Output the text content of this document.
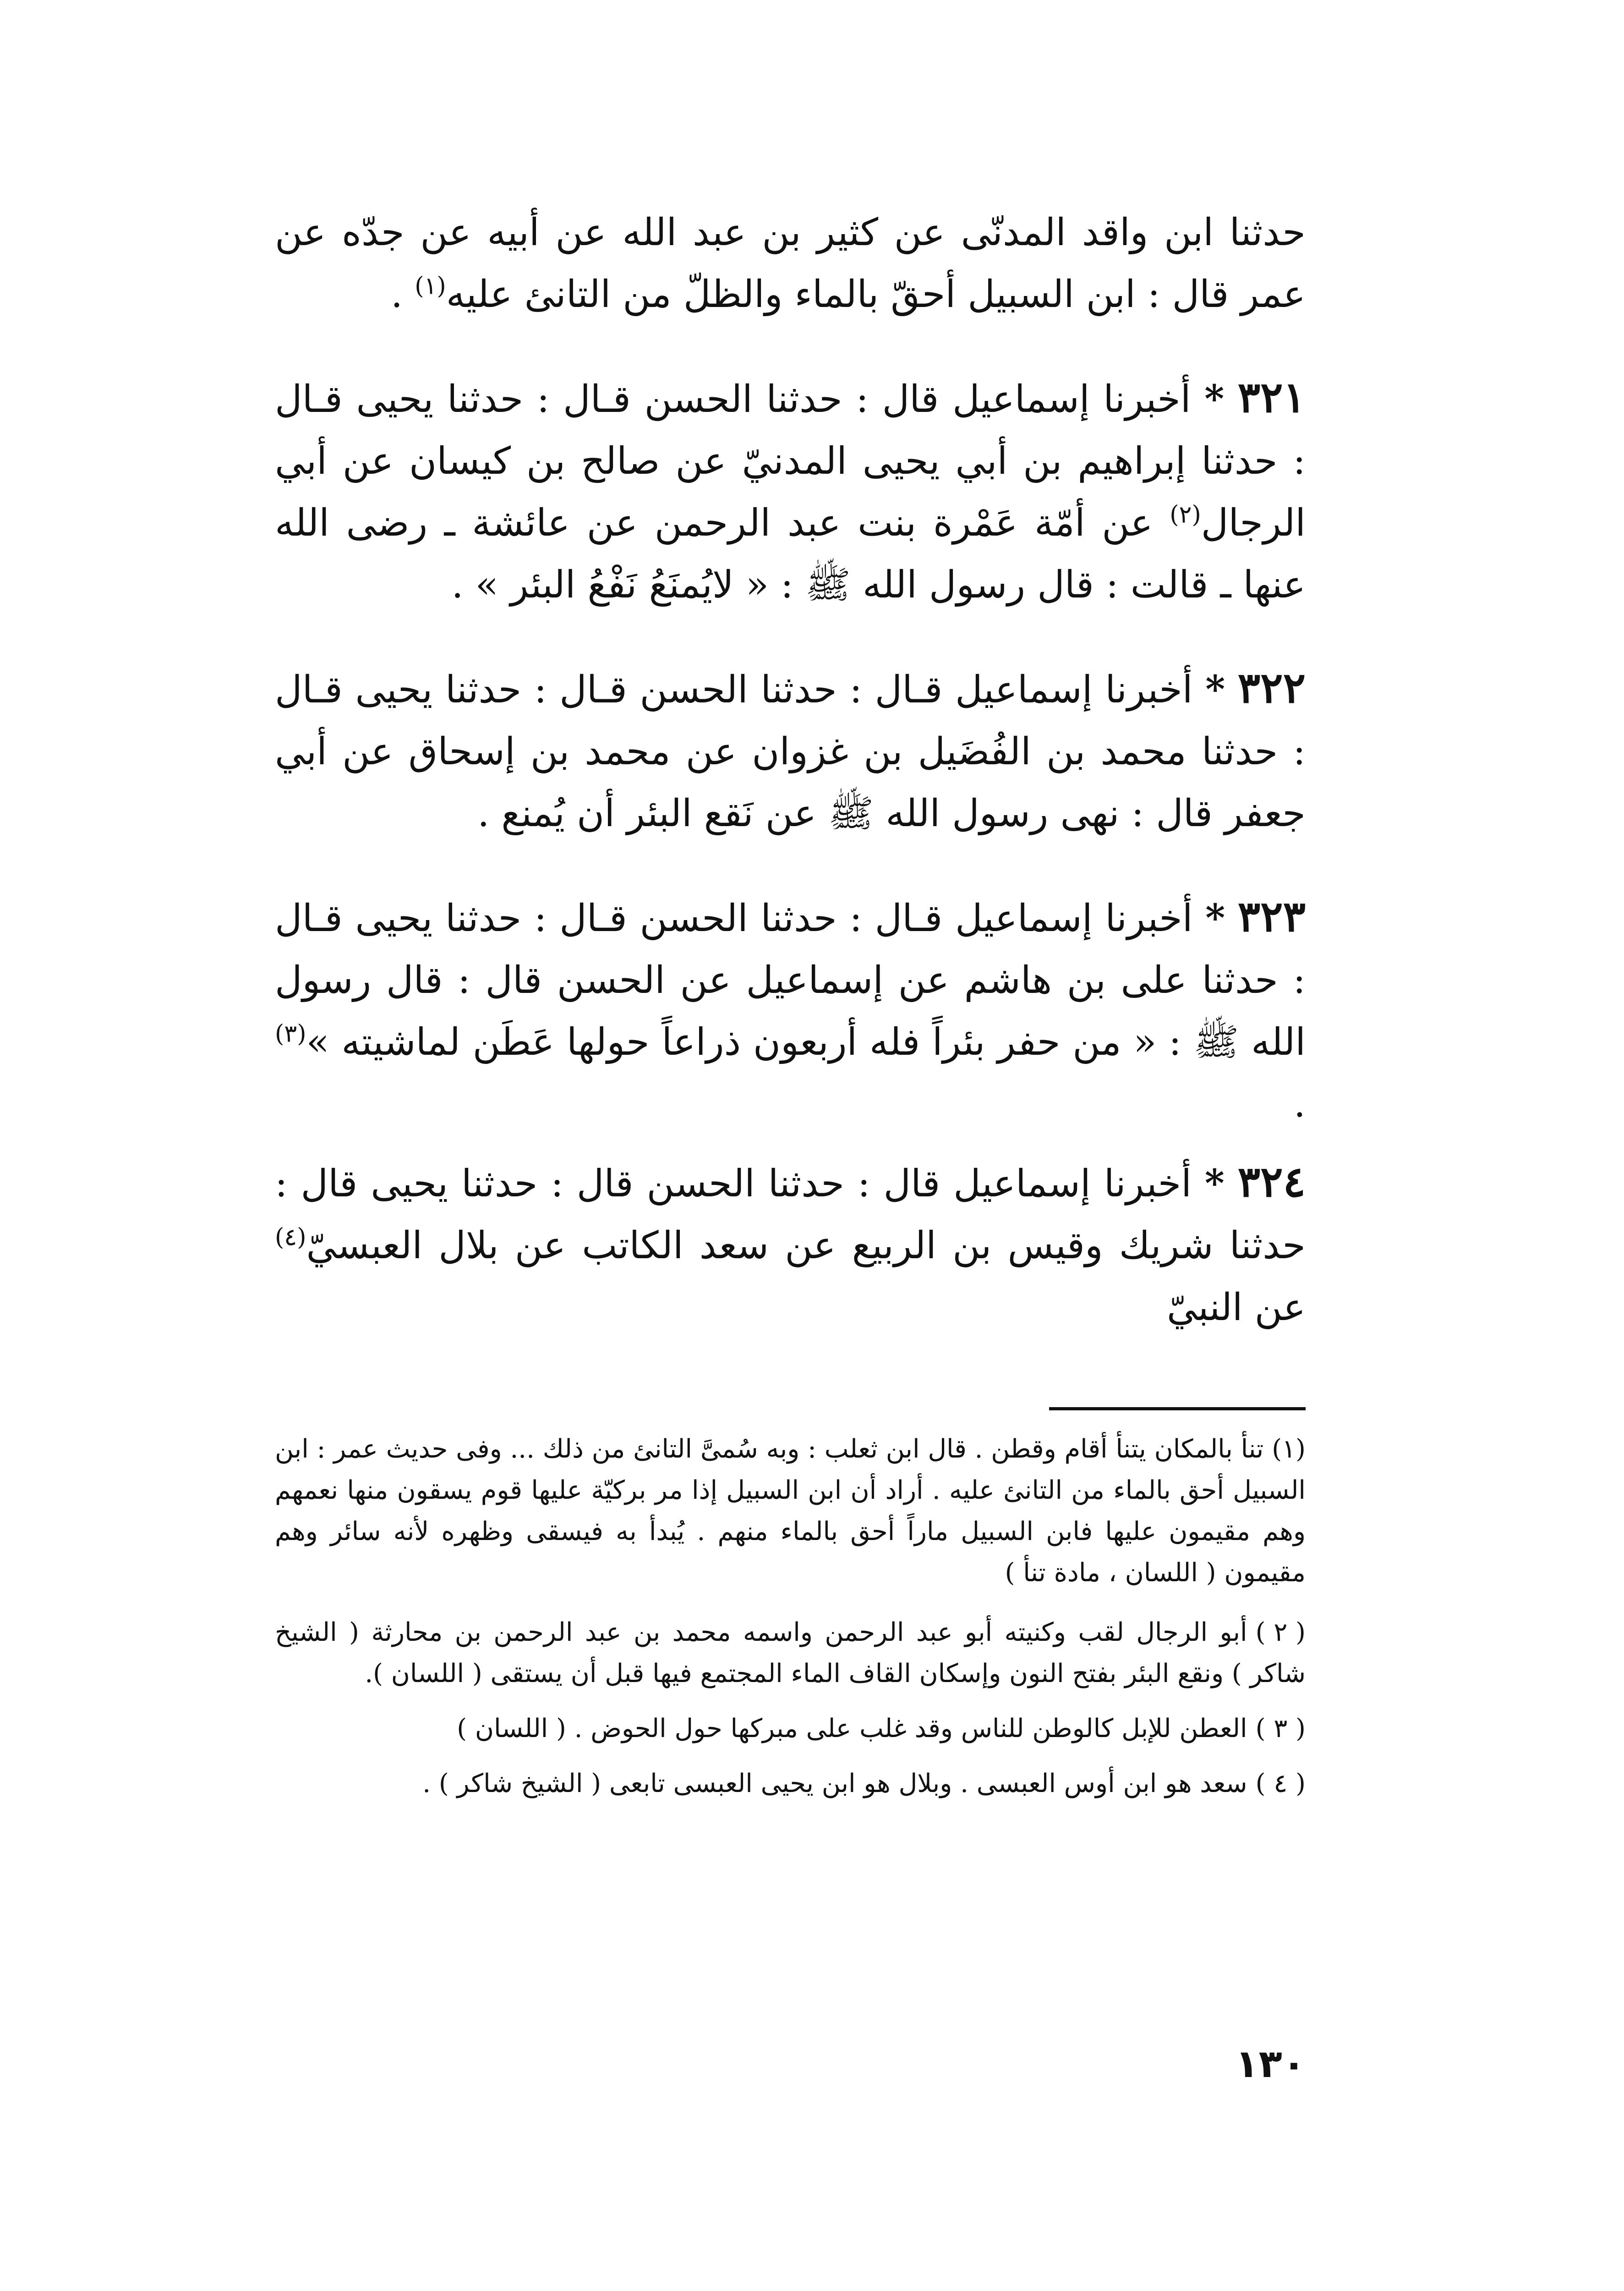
حدثنا ابن واقد المدنّى عن كثير بن عبد الله عن أبيه عن جدّه عن عمر قال : ابن السبيل أحقّ بالماء والظلّ من التانئ عليه$^{(١)}$ .

٣٢١ * أخبرنا إسماعيل قال : حدثنا الحسن قـال : حدثنا يحيى قـال : حدثنا إبراهيم بن أبي يحيى المدنيّ عن صالح بن كيسان عن أبي الرجال$^{(٢)}$ عن أمّة عَمْرة بنت عبد الرحمن عن عائشة ـ رضى الله عنها ـ قالت : قال رسول الله ﷺ : « لايُمنَعُ نَفْعُ البئر » .

٣٢٢ * أخبرنا إسماعيل قـال : حدثنا الحسن قـال : حدثنا يحيى قـال : حدثنا محمد بن الفُضَيل بن غزوان عن محمد بن إسحاق عن أبي جعفر قال : نهى رسول الله ﷺ عن نَقع البئر أن يُمنع .

٣٢٣ * أخبرنا إسماعيل قـال : حدثنا الحسن قـال : حدثنا يحيى قـال : حدثنا على بن هاشم عن إسماعيل عن الحسن قال : قال رسول الله ﷺ : « من حفر بئراً فله أربعون ذراعاً حولها عَطَن لماشيته »$^{(٣)}$ .

٣٢٤ * أخبرنا إسماعيل قال : حدثنا الحسن قال : حدثنا يحيى قال : حدثنا شريك وقيس بن الربيع عن سعد الكاتب عن بلال العبسيّ$^{(٤)}$ عن النبيّ

(١)تنأ بالمكان يتنأ أقام وقطن . قال ابن ثعلب : وبه سُمىَّ التانئ من ذلك ... وفى حديث عمر : ابن السبيل أحق بالماء من التانئ عليه . أراد أن ابن السبيل إذا مر بركيّة عليها قوم يسقون منها نعمهم وهم مقيمون عليها فابن السبيل ماراً أحق بالماء منهم . يُبدأ به فيسقى وظهره لأنه سائر وهم مقيمون ( اللسان ، مادة تنأ )

( ٢ )أبو الرجال لقب وكنيته أبو عبد الرحمن واسمه محمد بن عبد الرحمن بن محارثة ( الشيخ شاكر ) ونقع البئر بفتح النون وإسكان القاف الماء المجتمع فيها قبل أن يستقى ( اللسان ).

( ٣ )العطن للإبل كالوطن للناس وقد غلب على مبركها حول الحوض . ( اللسان )

( ٤ )سعد هو ابن أوس العبسى . وبلال هو ابن يحيى العبسى تابعى ( الشيخ شاكر ) .

١٣٠
